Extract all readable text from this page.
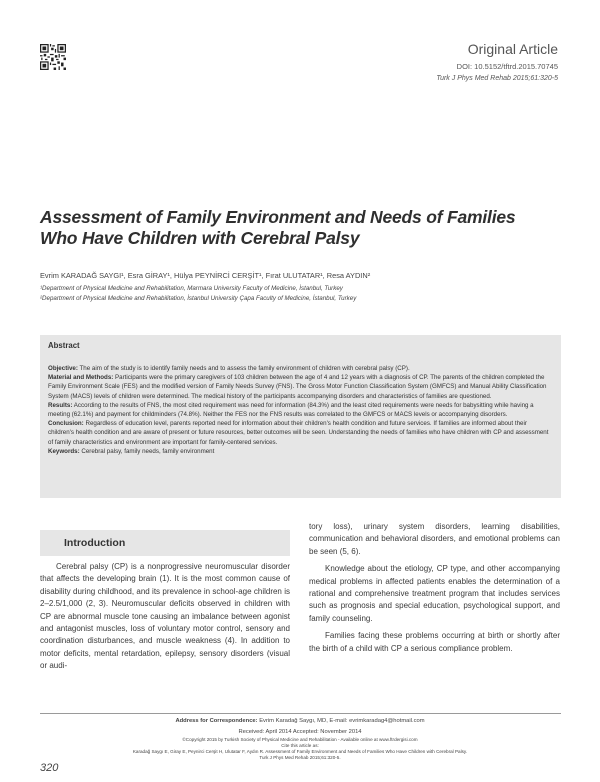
Original Article
DOI: 10.5152/tftrd.2015.70745
Turk J Phys Med Rehab 2015;61:320-5
Assessment of Family Environment and Needs of Families
Who Have Children with Cerebral Palsy
Evrim KARADAĞ SAYGI¹, Esra GİRAY¹, Hülya PEYNİRCİ CERŞİT¹, Fırat ULUTATAR¹, Resa AYDIN²
¹Department of Physical Medicine and Rehabilitation, Marmara University Faculty of Medicine, İstanbul, Turkey
²Department of Physical Medicine and Rehabilitation, İstanbul University Çapa Faculty of Medicine, İstanbul, Turkey
Abstract

Objective: The aim of the study is to identify family needs and to assess the family environment of children with cerebral palsy (CP).

Material and Methods: Participants were the primary caregivers of 103 children between the age of 4 and 12 years with a diagnosis of CP. The parents of the children completed the Family Environment Scale (FES) and the modified version of Family Needs Survey (FNS). The Gross Motor Function Classification System (GMFCS) and Manual Ability Classification System (MACS) levels of children were determined. The medical history of the participants accompanying disorders and characteristics of families are questioned.

Results: According to the results of FNS, the most cited requirement was need for information (84.3%) and the least cited requirements were needs for babysitting while having a meeting (62.1%) and payment for childminders (74.8%). Neither the FES nor the FNS results was correlated to the GMFCS or MACS levels or accompanying disorders.

Conclusion: Regardless of education level, parents reported need for information about their children's health condition and future services. If families are informed about their children's health condition and are aware of present or future resources, better outcomes will be seen. Understanding the needs of families who have children with CP and assessment of family characteristics and environment are important for family-centered services.

Keywords: Cerebral palsy, family needs, family environment

Introduction

Cerebral palsy (CP) is a nonprogressive neuromuscular disorder that affects the developing brain (1). It is the most common cause of disability during childhood, and its prevalence in school-age children is 2–2.5/1,000 (2, 3). Neuromuscular deficits observed in children with CP are abnormal muscle tone causing an imbalance between agonist and antagonist muscles, loss of voluntary motor control, sensory and coordination disturbances, and muscle weakness (4). In addition to motor deficits, mental retardation, epilepsy, sensory disorders (visual or audi-

tory loss), urinary system disorders, learning disabilities, communication and behavioral disorders, and emotional problems can be seen (5, 6).

Knowledge about the etiology, CP type, and other accompanying medical problems in affected patients enables the determination of a rational and comprehensive treatment program that includes services such as prognosis and special education, psychological support, and family counseling.

Families facing these problems occurring at birth or shortly after the birth of a child with CP a serious compliance problem.

Address for Correspondence: Evrim Karadağ Saygı, MD, E-mail: evrimkaradag4@hotmail.com
Received: April 2014 Accepted: November 2014
©Copyright 2015 by Turkish Society of Physical Medicine and Rehabilitation - Available online at www.ftrdergisi.com
Cite this article as:
Karadağ Saygı E, Giray E, Peynirci Cerşit H, Ulutatar F, Aydın R. Assessment of Family Environment and Needs of Families Who Have Children with Cerebral Palsy.
Turk J Phys Med Rehab 2015;61:320-5.
320
